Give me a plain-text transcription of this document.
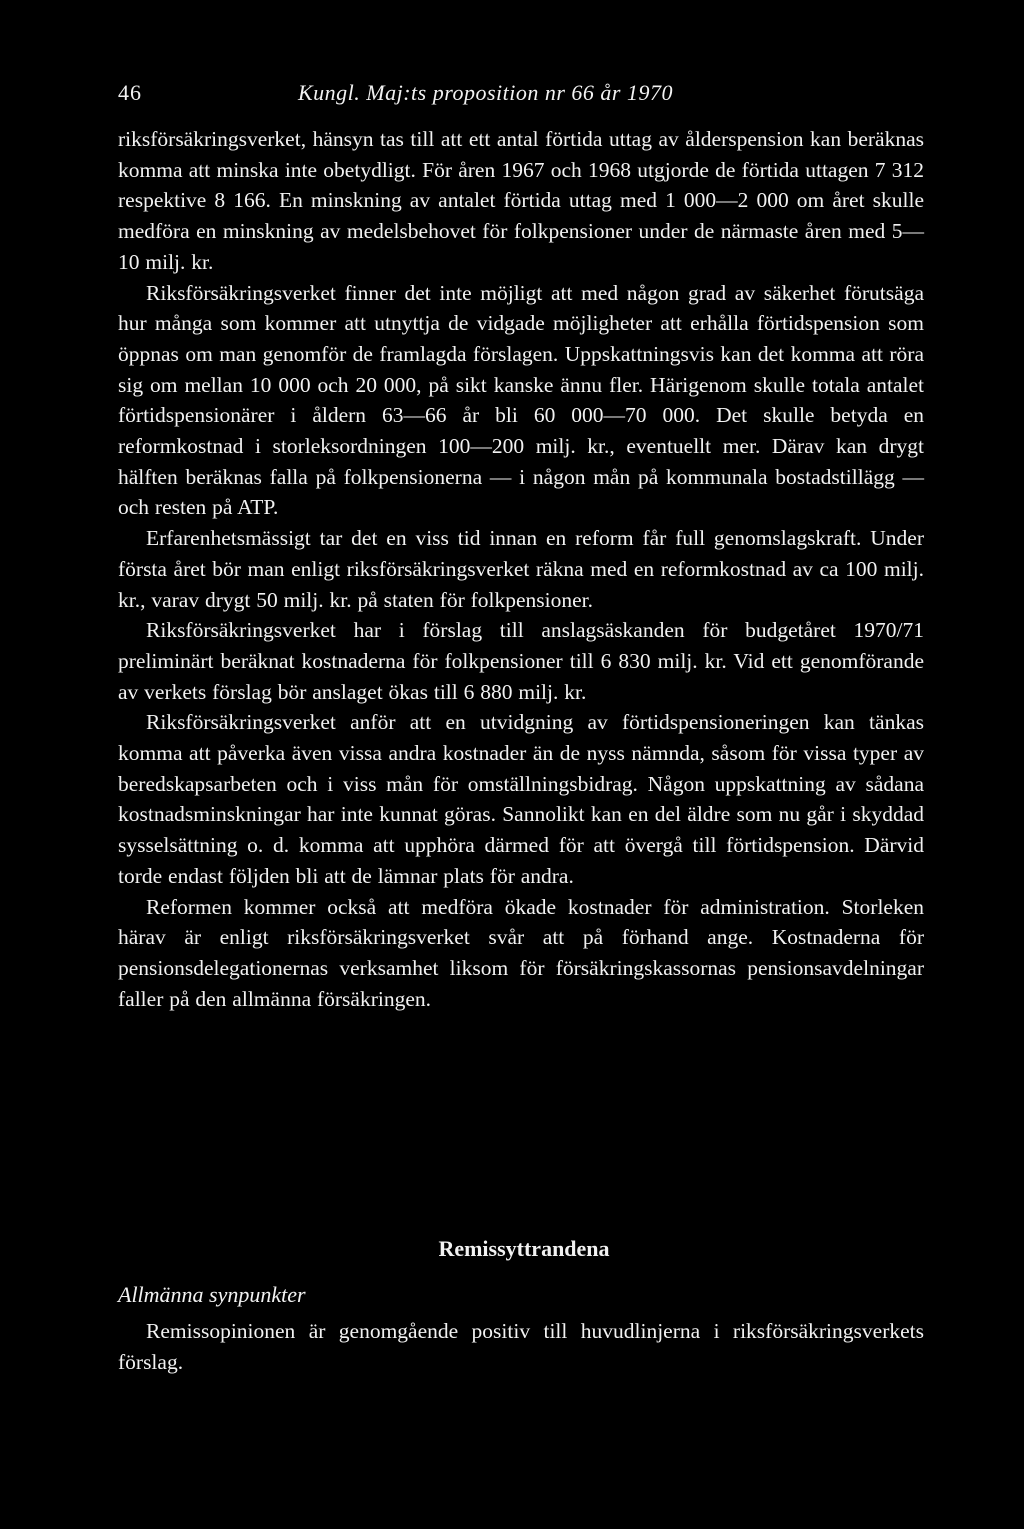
46	Kungl. Maj:ts proposition nr 66 år 1970

riksförsäkringsverket, hänsyn tas till att ett antal förtida uttag av ålderspension kan beräknas komma att minska inte obetydligt. För åren 1967 och 1968 utgjorde de förtida uttagen 7 312 respektive 8 166. En minskning av antalet förtida uttag med 1 000—2 000 om året skulle medföra en minskning av medelsbehovet för folkpensioner under de närmaste åren med 5—10 milj. kr.

Riksförsäkringsverket finner det inte möjligt att med någon grad av säkerhet förutsäga hur många som kommer att utnyttja de vidgade möjligheter att erhålla förtidspension som öppnas om man genomför de framlagda förslagen. Uppskattningsvis kan det komma att röra sig om mellan 10 000 och 20 000, på sikt kanske ännu fler. Härigenom skulle totala antalet förtidspensionärer i åldern 63—66 år bli 60 000—70 000. Det skulle betyda en reformkostnad i storleksordningen 100—200 milj. kr., eventuellt mer. Därav kan drygt hälften beräknas falla på folkpensionerna — i någon mån på kommunala bostadstillägg — och resten på ATP.

Erfarenhetsmässigt tar det en viss tid innan en reform får full genomslagskraft. Under första året bör man enligt riksförsäkringsverket räkna med en reformkostnad av ca 100 milj. kr., varav drygt 50 milj. kr. på staten för folkpensioner.

Riksförsäkringsverket har i förslag till anslagsäskanden för budgetåret 1970/71 preliminärt beräknat kostnaderna för folkpensioner till 6 830 milj. kr. Vid ett genomförande av verkets förslag bör anslaget ökas till 6 880 milj. kr.

Riksförsäkringsverket anför att en utvidgning av förtidspensioneringen kan tänkas komma att påverka även vissa andra kostnader än de nyss nämnda, såsom för vissa typer av beredskapsarbeten och i viss mån för omställningsbidrag. Någon uppskattning av sådana kostnadsminskningar har inte kunnat göras. Sannolikt kan en del äldre som nu går i skyddad sysselsättning o. d. komma att upphöra därmed för att övergå till förtidspension. Därvid torde endast följden bli att de lämnar plats för andra.

Reformen kommer också att medföra ökade kostnader för administration. Storleken härav är enligt riksförsäkringsverket svår att på förhand ange. Kostnaderna för pensionsdelegationernas verksamhet liksom för försäkringskassornas pensionsavdelningar faller på den allmänna försäkringen.

Remissyttrandena
Allmänna synpunkter

Remissopinionen är genomgående positiv till huvudlinjerna i riksförsäkringsverkets förslag.
